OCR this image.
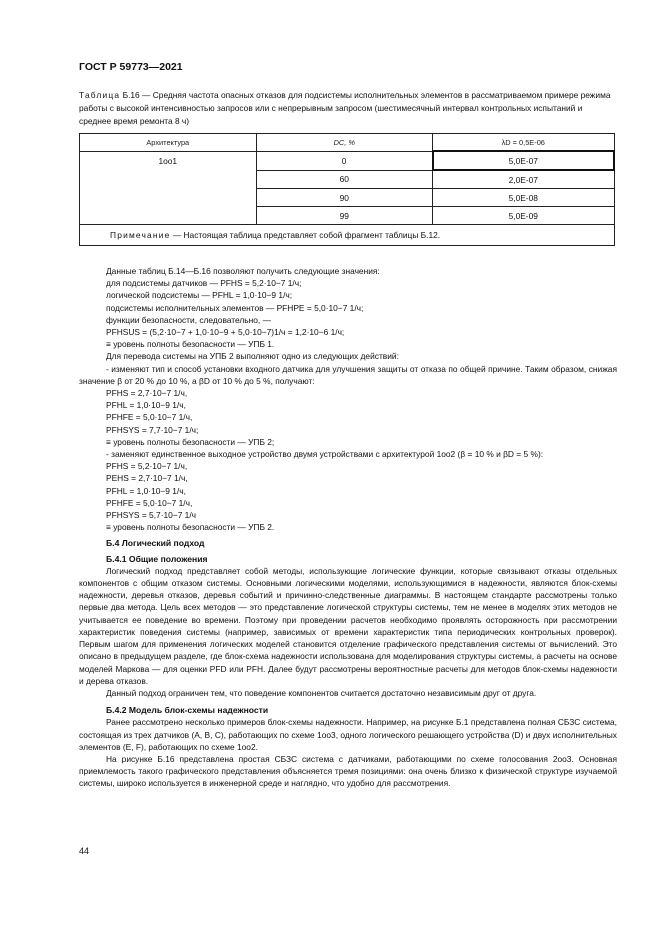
ГОСТ Р 59773—2021
Таблица Б.16 — Средняя частота опасных отказов для подсистемы исполнительных элементов в рассматриваемом примере режима работы с высокой интенсивностью запросов или с непрерывным запросом (шестимесячный интервал контрольных испытаний и среднее время ремонта 8 ч)
Архитектура	DC, %	λD = 0,5E-06
1oo1	0	5,0E-07
	60	2,0E-07
	90	5,0E-08
	99	5,0E-09
Примечание — Настоящая таблица представляет собой фрагмент таблицы Б.12.		

Данные таблиц Б.14—Б.16 позволяют получить следующие значения:

для подсистемы датчиков — PFHS = 5,2·10−7 1/ч;

логической подсистемы — PFHL = 1,0·10−9 1/ч;

подсистемы исполнительных элементов — PFHPE = 5,0·10−7 1/ч;

функции безопасности, следовательно, —

PFHSUS = (5,2·10−7 + 1,0·10−9 + 5,0·10−7)1/ч = 1,2·10−6 1/ч;

≡ уровень полноты безопасности — УПБ 1.

Для перевода системы на УПБ 2 выполняют одно из следующих действий:

- изменяют тип и способ установки входного датчика для улучшения защиты от отказа по общей причине. Таким образом, снижая значение β от 20 % до 10 %, а βD от 10 % до 5 %, получают:

PFHS = 2,7·10−7 1/ч,

PFHL = 1,0·10−9 1/ч,

PFHFE = 5,0·10−7 1/ч,

PFHSYS = 7,7·10−7 1/ч;

≡ уровень полноты безопасности — УПБ 2;

- заменяют единственное выходное устройство двумя устройствами с архитектурой 1oo2 (β = 10 % и βD = 5 %):

PFHS = 5,2·10−7 1/ч,

PEHS = 2,7·10−7 1/ч,

PFHL = 1,0·10−9 1/ч,

PFHFE = 5,0·10−7 1/ч,

PFHSYS = 5,7·10−7 1/ч

≡ уровень полноты безопасности — УПБ 2.

Б.4 Логический подход

Б.4.1 Общие положения

Логический подход представляет собой методы, использующие логические функции, которые связывают отказы отдельных компонентов с общим отказом системы. Основными логическими моделями, использующимися в надежности, являются блок-схемы надежности, деревья отказов, деревья событий и причинно-следственные диаграммы. В настоящем стандарте рассмотрены только первые два метода. Цель всех методов — это представление логической структуры системы, тем не менее в моделях этих методов не учитывается ее поведение во времени. Поэтому при проведении расчетов необходимо проявлять осторожность при рассмотрении характеристик поведения системы (например, зависимых от времени характеристик типа периодических контрольных проверок). Первым шагом для применения логических моделей становится отделение графического представления системы от вычислений. Это описано в предыдущем разделе, где блок-схема надежности использована для моделирования структуры системы, а расчеты на основе моделей Маркова — для оценки PFD или PFH. Далее будут рассмотрены вероятностные расчеты для методов блок-схемы надежности и дерева отказов.

Данный подход ограничен тем, что поведение компонентов считается достаточно независимым друг от друга.

Б.4.2 Модель блок-схемы надежности

Ранее рассмотрено несколько примеров блок-схемы надежности. Например, на рисунке Б.1 представлена полная СБЗС система, состоящая из трех датчиков (A, B, C), работающих по схеме 1oo3, одного логического решающего устройства (D) и двух исполнительных элементов (E, F), работающих по схеме 1oo2.

На рисунке Б.16 представлена простая СБЗС система с датчиками, работающими по схеме голосования 2oo3. Основная приемлемость такого графического представления объясняется тремя позициями: она очень близко к физической структуре изучаемой системы, широко используется в инженерной среде и наглядно, что удобно для рассмотрения.

44
